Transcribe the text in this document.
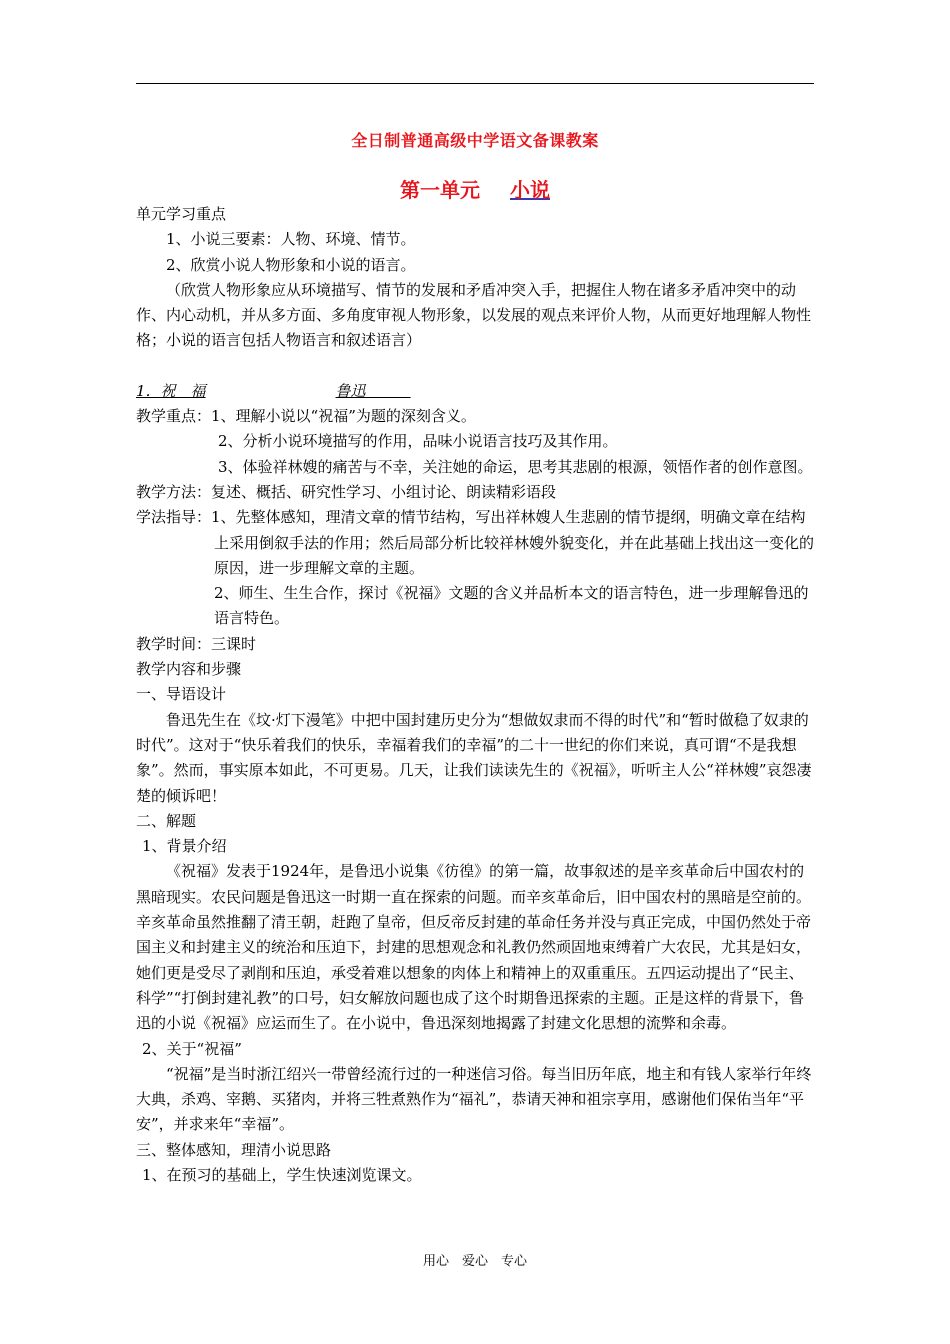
全日制普通高级中学语文备课教案
第一单元 小说

单元学习重点

1、小说三要素：人物、环境、情节。

2、欣赏小说人物形象和小说的语言。

（欣赏人物形象应从环境描写、情节的发展和矛盾冲突入手，把握住人物在诸多矛盾冲突中的动作、内心动机，并从多方面、多角度审视人物形象，以发展的观点来评价人物，从而更好地理解人物性格；小说的语言包括人物语言和叙述语言）

1．祝　福	鲁迅　　　

教学重点：1、理解小说以“祝福”为题的深刻含义。

2、分析小说环境描写的作用，品味小说语言技巧及其作用。

3、体验祥林嫂的痛苦与不幸，关注她的命运，思考其悲剧的根源，领悟作者的创作意图。

教学方法：复述、概括、研究性学习、小组讨论、朗读精彩语段

学法指导：1、先整体感知，理清文章的情节结构，写出祥林嫂人生悲剧的情节提纲，明确文章在结构上采用倒叙手法的作用；然后局部分析比较祥林嫂外貌变化，并在此基础上找出这一变化的原因，进一步理解文章的主题。

2、师生、生生合作，探讨《祝福》文题的含义并品析本文的语言特色，进一步理解鲁迅的语言特色。

教学时间：三课时

教学内容和步骤

一、导语设计

鲁迅先生在《坟·灯下漫笔》中把中国封建历史分为“想做奴隶而不得的时代”和“暂时做稳了奴隶的时代”。这对于“快乐着我们的快乐，幸福着我们的幸福”的二十一世纪的你们来说，真可谓“不是我想象”。然而，事实原本如此，不可更易。几天，让我们读读先生的《祝福》，听听主人公“祥林嫂”哀怨凄楚的倾诉吧！

二、解题

1、背景介绍

《祝福》发表于1924年，是鲁迅小说集《彷徨》的第一篇，故事叙述的是辛亥革命后中国农村的黑暗现实。农民问题是鲁迅这一时期一直在探索的问题。而辛亥革命后，旧中国农村的黑暗是空前的。辛亥革命虽然推翻了清王朝，赶跑了皇帝，但反帝反封建的革命任务并没与真正完成，中国仍然处于帝国主义和封建主义的统治和压迫下，封建的思想观念和礼教仍然顽固地束缚着广大农民，尤其是妇女，她们更是受尽了剥削和压迫，承受着难以想象的肉体上和精神上的双重重压。五四运动提出了“民主、科学”“打倒封建礼教”的口号，妇女解放问题也成了这个时期鲁迅探索的主题。正是这样的背景下，鲁迅的小说《祝福》应运而生了。在小说中，鲁迅深刻地揭露了封建文化思想的流弊和余毒。

2、关于“祝福”

“祝福”是当时浙江绍兴一带曾经流行过的一种迷信习俗。每当旧历年底，地主和有钱人家举行年终大典，杀鸡、宰鹅、买猪肉，并将三牲煮熟作为“福礼”，恭请天神和祖宗享用，感谢他们保佑当年“平安”，并求来年“幸福”。

三、整体感知，理清小说思路

1、在预习的基础上，学生快速浏览课文。

用心　爱心　专心
